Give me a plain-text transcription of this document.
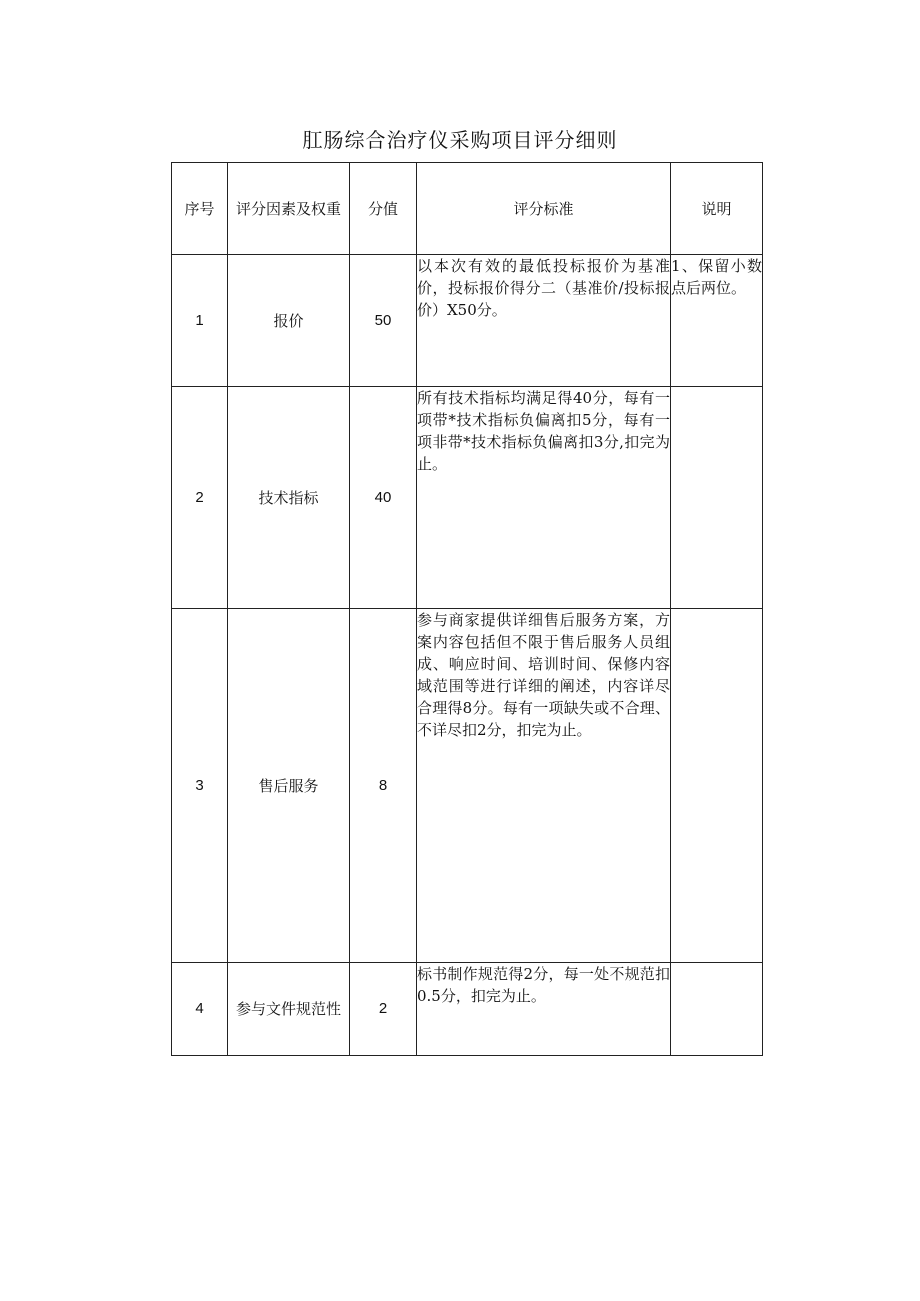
肛肠综合治疗仪采购项目评分细则
序号	评分因素及权重	分值	评分标准	说明
1	报价	50	以本次有效的最低投标报价为基准价，投标报价得分二（基准价/投标报价）X50分。	1、保留小数点后两位。
2	技术指标	40	所有技术指标均满足得40分，每有一项带*技术指标负偏离扣5分，每有一项非带*技术指标负偏离扣3分,扣完为止。	
3	售后服务	8	参与商家提供详细售后服务方案，方案内容包括但不限于售后服务人员组成、响应时间、培训时间、保修内容域范围等进行详细的阐述，内容详尽合理得8分。每有一项缺失或不合理、不详尽扣2分，扣完为止。	
4	参与文件规范性	2	标书制作规范得2分，每一处不规范扣0.5分，扣完为止。	
